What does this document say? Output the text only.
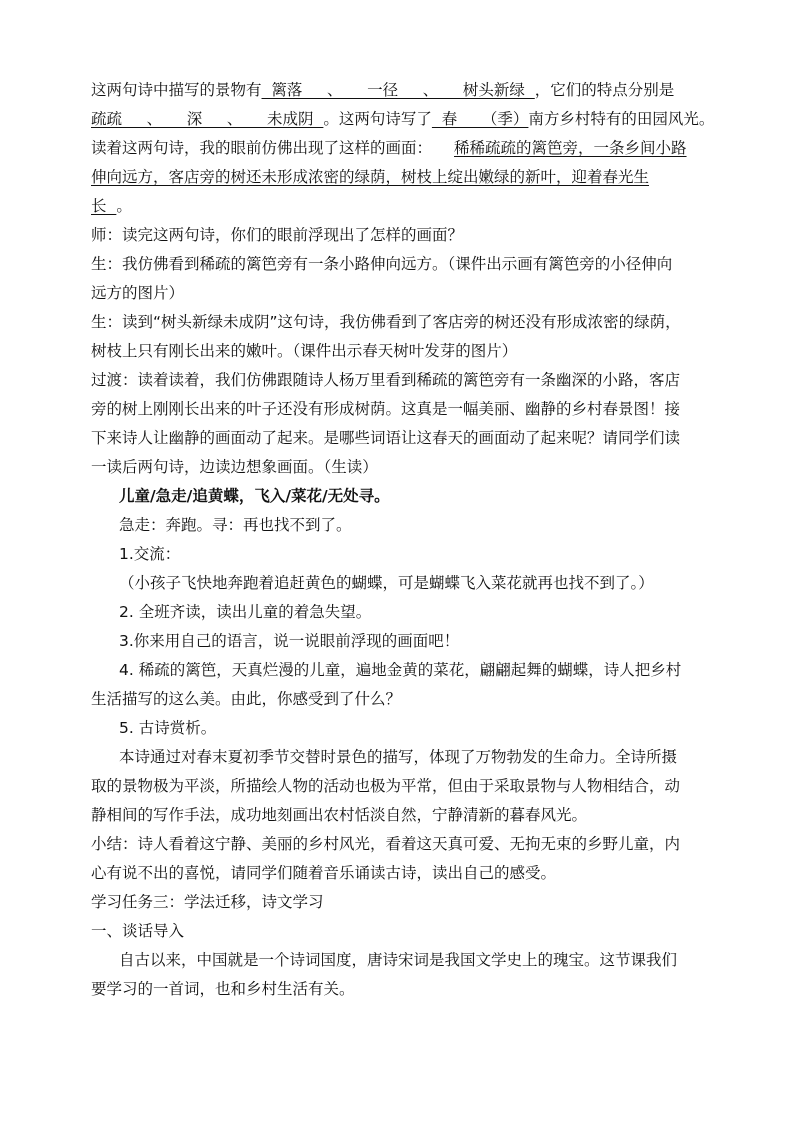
这两句诗中描写的景物有  篱落     、     一径     、     树头新绿  ，它们的特点分别是
疏疏     、     深     、     未成阴  。这两句诗写了  春     （季）南方乡村特有的田园风光。
读着这两句诗，我的眼前仿佛出现了这样的画面： 稀稀疏疏的篱笆旁，一条乡间小路
伸向远方，客店旁的树还未形成浓密的绿荫，树枝上绽出嫩绿的新叶，迎着春光生
长  。
师：读完这两句诗，你们的眼前浮现出了怎样的画面？
生：我仿佛看到稀疏的篱笆旁有一条小路伸向远方。（课件出示画有篱笆旁的小径伸向
远方的图片）
生：读到“树头新绿未成阴”这句诗，我仿佛看到了客店旁的树还没有形成浓密的绿荫，
树枝上只有刚长出来的嫩叶。（课件出示春天树叶发芽的图片）
过渡：读着读着，我们仿佛跟随诗人杨万里看到稀疏的篱笆旁有一条幽深的小路，客店
旁的树上刚刚长出来的叶子还没有形成树荫。这真是一幅美丽、幽静的乡村春景图！接
下来诗人让幽静的画面动了起来。是哪些词语让这春天的画面动了起来呢？请同学们读
一读后两句诗，边读边想象画面。（生读）
儿童/急走/追黄蝶，飞入/菜花/无处寻。
急走：奔跑。寻：再也找不到了。
1.交流：
（小孩子飞快地奔跑着追赶黄色的蝴蝶，可是蝴蝶飞入菜花就再也找不到了。）
2. 全班齐读，读出儿童的着急失望。
3.你来用自己的语言，说一说眼前浮现的画面吧！
4. 稀疏的篱笆，天真烂漫的儿童，遍地金黄的菜花，翩翩起舞的蝴蝶，诗人把乡村
生活描写的这么美。由此，你感受到了什么？
5. 古诗赏析。
本诗通过对春末夏初季节交替时景色的描写，体现了万物勃发的生命力。全诗所摄
取的景物极为平淡，所描绘人物的活动也极为平常，但由于采取景物与人物相结合，动
静相间的写作手法，成功地刻画出农村恬淡自然，宁静清新的暮春风光。
小结：诗人看着这宁静、美丽的乡村风光，看着这天真可爱、无拘无束的乡野儿童，内
心有说不出的喜悦，请同学们随着音乐诵读古诗，读出自己的感受。
学习任务三：学法迁移，诗文学习
一、谈话导入
自古以来，中国就是一个诗词国度，唐诗宋词是我国文学史上的瑰宝。这节课我们
要学习的一首词，也和乡村生活有关。
